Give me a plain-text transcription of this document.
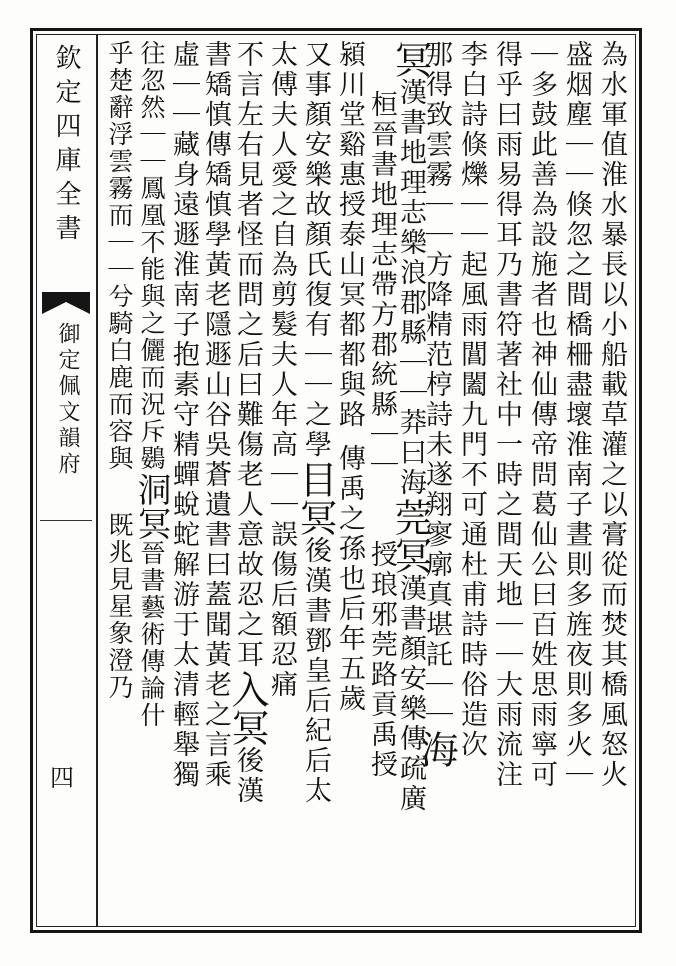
欽定四庫全書
御定佩文韻府
四	為水軍值淮水暴長以小船載草灌之以膏從而焚其橋風怒火
盛烟塵｜｜倏忽之間橋柵盡壞淮南子晝則多旌夜則多火｜
｜多鼓此善為設施者也神仙傳帝問葛仙公曰百姓思雨寧可
得乎曰雨易得耳乃書符著社中一時之間天地｜｜大雨流注
李白詩倏爍｜｜起風雨閶闔九門不可通杜甫詩時俗造次
那得致雲霧｜｜方降精范梈詩未遂翔寥廓真堪託｜｜海
冥漢書地理志樂浪郡縣｜｜莽曰海莞冥漢書顏安樂傳疏廣
桓晉書地理志帶方郡統縣｜｜授琅邪莞路貢禹授
潁川堂谿惠授泰山冥都都與路傳禹之孫也后年五歲
又事顏安樂故顏氏復有｜｜之學目冥後漢書鄧皇后紀后太
太傅夫人愛之自為剪髮夫人年高｜｜誤傷后額忍痛
不言左右見者怪而問之后曰難傷老人意故忍之耳入冥後漢
書矯慎傳矯慎學黃老隱遯山谷吳蒼遺書曰蓋聞黃老之言乘
虛｜｜藏身遠遯淮南子抱素守精蟬蛻蛇解游于太清輕舉獨
往忽然｜｜鳳凰不能與之儷而況斥鷃洞冥晉書藝術傳論什
乎楚辭浮雲霧而｜｜兮騎白鹿而容與既兆見星象澄乃
